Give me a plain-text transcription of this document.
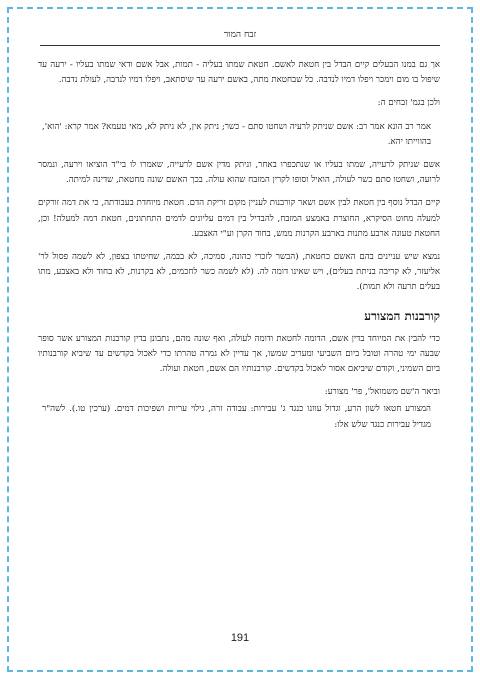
זבח המור

אך גם במנו הבעלים קיים הבדל בין חטאת לאשם. חטאת שמתו בעליה - תמות, אבל אשם ודאי שמתו בעליו - ירעה עד שיפול בו מום וימכר ויפלו דמיו לנדבה. כל שבחטאת מתה, באשם ירעה עד שיסתאב, ויפלו דמיו לנדבה, לעולת נדבה.

ולכן בגמ' זבחים ה:

אמר רב הונא אמר רב: אשם שניתק לרעיה ושחטו סתם - כשר; ניתק אין, לא ניתק לא, מאי טעמא? אמר קרא: 'הוא', בהווייתו יהא.

אשם שניתק לרעייה, שמתו בעליו או שנתכפרו באחר, וניתק מדין אשם לרעייה, שאמרו לו בי"ד הוציאו וירעה, ונמסר לרועה, ושחטו סתם כשר לעולה, הואיל וסופו לקרין המזבח שהוא עולה. בכך האשם שונה מחטאת, שדינה למיתה.

קיים הבדל נוסף בין חטאת לבין אשם ושאר קורבנות לעניין מקום זריקת הדם. חטאת מיוחדת בעבודתה, כי את דמה זורקים למעלה מחוט הסיקרא, החוצרת באמצע המזבח, להבדיל בין דמים עליונים לדמים התחתונים, חטאת דמה למעלה! וכן, החטאת טעונה ארבע מתנות בארבע הקרנות ממש, בחוד הקרן וע"י האצבע.

נמצא שיש עניינים בהם האשם כחטאת, (הבשר לזכרי כהונה, סמיכה, לא בבמה, שחיטתו בצפון, לא לשמה פסול לר' אליעזר, לא קריבה בניתת בעלים), ויש שאינו דומה לה. (לא לשמה כשר לחכמים, לא בקרנות, לא בחוד ולא באצבע, מתו בעלים תרעה ולא תמות).

קורבנות המצורע

כדי להבין את המיוחד בדין אשם, הדומה לחטאת ודומה לעולה, ואף שונה מהם, נתבונן בדין קורבנות המצורע אשר סופר שבעה ימי טהרה וטובל ביום השביעי ומעריב שמשו, אך עדיין לא גמרה טהרתו כדי לאכול בקדשים עד שיביא קורבנותיו ביום השמיני, וקודם שיביאם אסור לאכול בקדשים. קורבנותיו הם אשם, חטאת ועולה.

וביאר ה'שם משמואל', פר' מצורע:

המצורע חטאו לשון הרע, וגדול עוונו כנגד ג' עבירות: עבודה זרה, גילוי עריות ושפיכות דמים. (ערכין טו.). לשה"ר מגדיל עבירות כנגד שלש אלו:

191
